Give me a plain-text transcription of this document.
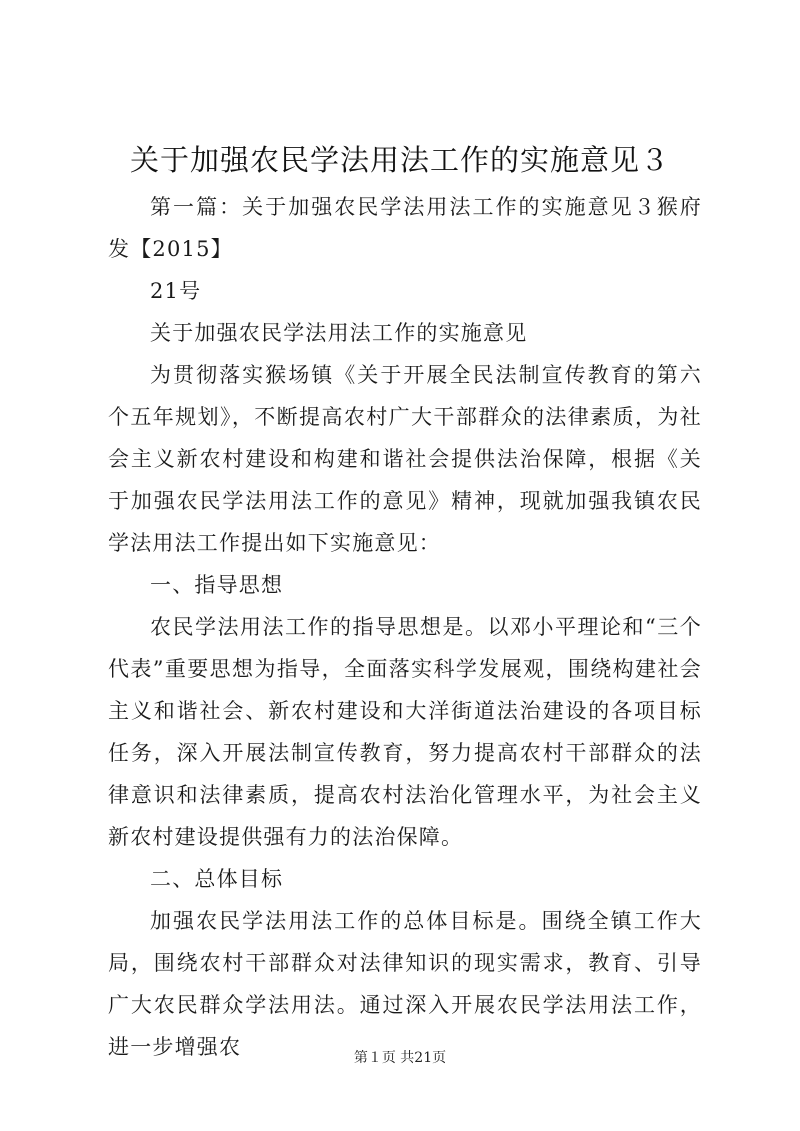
关于加强农民学法用法工作的实施意见３

第一篇：关于加强农民学法用法工作的实施意见３猴府发【2015】

21号

关于加强农民学法用法工作的实施意见

为贯彻落实猴场镇《关于开展全民法制宣传教育的第六个五年规划》，不断提高农村广大干部群众的法律素质，为社会主义新农村建设和构建和谐社会提供法治保障，根据《关于加强农民学法用法工作的意见》精神，现就加强我镇农民学法用法工作提出如下实施意见：

一、指导思想

农民学法用法工作的指导思想是。以邓小平理论和“三个代表”重要思想为指导，全面落实科学发展观，围绕构建社会主义和谐社会、新农村建设和大洋街道法治建设的各项目标任务，深入开展法制宣传教育，努力提高农村干部群众的法律意识和法律素质，提高农村法治化管理水平，为社会主义新农村建设提供强有力的法治保障。

二、总体目标

加强农民学法用法工作的总体目标是。围绕全镇工作大局，围绕农村干部群众对法律知识的现实需求，教育、引导广大农民群众学法用法。通过深入开展农民学法用法工作，进一步增强农	第１页 共21页
